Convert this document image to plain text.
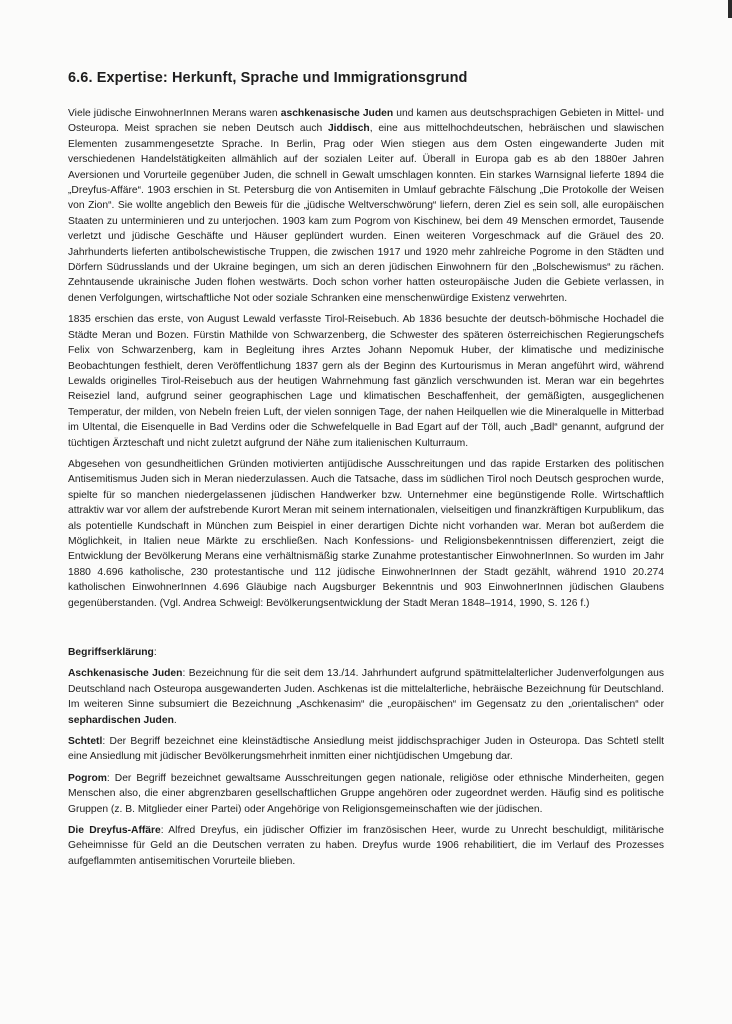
6.6. Expertise: Herkunft, Sprache und Immigrationsgrund

Viele jüdische EinwohnerInnen Merans waren aschkenasische Juden und kamen aus deutschsprachigen Gebieten in Mittel- und Osteuropa. Meist sprachen sie neben Deutsch auch Jiddisch, eine aus mittelhochdeutschen, hebräischen und slawischen Elementen zusammengesetzte Sprache. In Berlin, Prag oder Wien stiegen aus dem Osten eingewanderte Juden mit verschiedenen Handelstätigkeiten allmählich auf der sozialen Leiter auf. Überall in Europa gab es ab den 1880er Jahren Aversionen und Vorurteile gegenüber Juden, die schnell in Gewalt umschlagen konnten. Ein starkes Warnsignal lieferte 1894 die „Dreyfus-Affäre“. 1903 erschien in St. Petersburg die von Antisemiten in Umlauf gebrachte Fälschung „Die Protokolle der Weisen von Zion“. Sie wollte angeblich den Beweis für die „jüdische Weltverschwörung“ liefern, deren Ziel es sein soll, alle europäischen Staaten zu unterminieren und zu unterjochen. 1903 kam zum Pogrom von Kischinew, bei dem 49 Menschen ermordet, Tausende verletzt und jüdische Geschäfte und Häuser geplündert wurden. Einen weiteren Vorgeschmack auf die Gräuel des 20. Jahrhunderts lieferten antibolschewistische Truppen, die zwischen 1917 und 1920 mehr zahlreiche Pogrome in den Städten und Dörfern Südrusslands und der Ukraine begingen, um sich an deren jüdischen Einwohnern für den „Bolschewismus“ zu rächen. Zehntausende ukrainische Juden flohen westwärts. Doch schon vorher hatten osteuropäische Juden die Gebiete verlassen, in denen Verfolgungen, wirtschaftliche Not oder soziale Schranken eine menschenwürdige Existenz verwehrten.

1835 erschien das erste, von August Lewald verfasste Tirol-Reisebuch. Ab 1836 besuchte der deutsch-böhmische Hochadel die Städte Meran und Bozen. Fürstin Mathilde von Schwarzenberg, die Schwester des späteren österreichischen Regierungschefs Felix von Schwarzenberg, kam in Begleitung ihres Arztes Johann Nepomuk Huber, der klimatische und medizinische Beobachtungen festhielt, deren Veröffentlichung 1837 gern als der Beginn des Kurtourismus in Meran angeführt wird, während Lewalds originelles Tirol-Reisebuch aus der heutigen Wahrnehmung fast gänzlich verschwunden ist. Meran war ein begehrtes Reiseziel land, aufgrund seiner geographischen Lage und klimatischen Beschaffenheit, der gemäßigten, ausgeglichenen Temperatur, der milden, von Nebeln freien Luft, der vielen sonnigen Tage, der nahen Heilquellen wie die Mineralquelle in Mitterbad im Ultental, die Eisenquelle in Bad Verdins oder die Schwefelquelle in Bad Egart auf der Töll, auch „Badl“ genannt, aufgrund der tüchtigen Ärzteschaft und nicht zuletzt aufgrund der Nähe zum italienischen Kulturraum.

Abgesehen von gesundheitlichen Gründen motivierten antijüdische Ausschreitungen und das rapide Erstarken des politischen Antisemitismus Juden sich in Meran niederzulassen. Auch die Tatsache, dass im südlichen Tirol noch Deutsch gesprochen wurde, spielte für so manchen niedergelassenen jüdischen Handwerker bzw. Unternehmer eine begünstigende Rolle. Wirtschaftlich attraktiv war vor allem der aufstrebende Kurort Meran mit seinem internationalen, vielseitigen und finanzkräftigen Kurpublikum, das als potentielle Kundschaft in München zum Beispiel in einer derartigen Dichte nicht vorhanden war. Meran bot außerdem die Möglichkeit, in Italien neue Märkte zu erschließen. Nach Konfessions- und Religionsbekenntnissen differenziert, zeigt die Entwicklung der Bevölkerung Merans eine verhältnismäßig starke Zunahme protestantischer EinwohnerInnen. So wurden im Jahr 1880 4.696 katholische, 230 protestantische und 112 jüdische EinwohnerInnen der Stadt gezählt, während 1910 20.274 katholischen EinwohnerInnen 4.696 Gläubige nach Augsburger Bekenntnis und 903 EinwohnerInnen jüdischen Glaubens gegenüberstanden. (Vgl. Andrea Schweigl: Bevölkerungsentwicklung der Stadt Meran 1848–1914, 1990, S. 126 f.)

Begriffserklärung:

Aschkenasische Juden: Bezeichnung für die seit dem 13./14. Jahrhundert aufgrund spätmittelalterlicher Judenverfolgungen aus Deutschland nach Osteuropa ausgewanderten Juden. Aschkenas ist die mittelalterliche, hebräische Bezeichnung für Deutschland. Im weiteren Sinne subsumiert die Bezeichnung „Aschkenasim“ die „europäischen“ im Gegensatz zu den „orientalischen“ oder sephardischen Juden.

Schtetl: Der Begriff bezeichnet eine kleinstädtische Ansiedlung meist jiddischsprachiger Juden in Osteuropa. Das Schtetl stellt eine Ansiedlung mit jüdischer Bevölkerungsmehrheit inmitten einer nichtjüdischen Umgebung dar.

Pogrom: Der Begriff bezeichnet gewaltsame Ausschreitungen gegen nationale, religiöse oder ethnische Minderheiten, gegen Menschen also, die einer abgrenzbaren gesellschaftlichen Gruppe angehören oder zugeordnet werden. Häufig sind es politische Gruppen (z. B. Mitglieder einer Partei) oder Angehörige von Religionsgemeinschaften wie der jüdischen.

Die Dreyfus-Affäre: Alfred Dreyfus, ein jüdischer Offizier im französischen Heer, wurde zu Unrecht beschuldigt, militärische Geheimnisse für Geld an die Deutschen verraten zu haben. Dreyfus wurde 1906 rehabilitiert, die im Verlauf des Prozesses aufgeflammten antisemitischen Vorurteile blieben.
